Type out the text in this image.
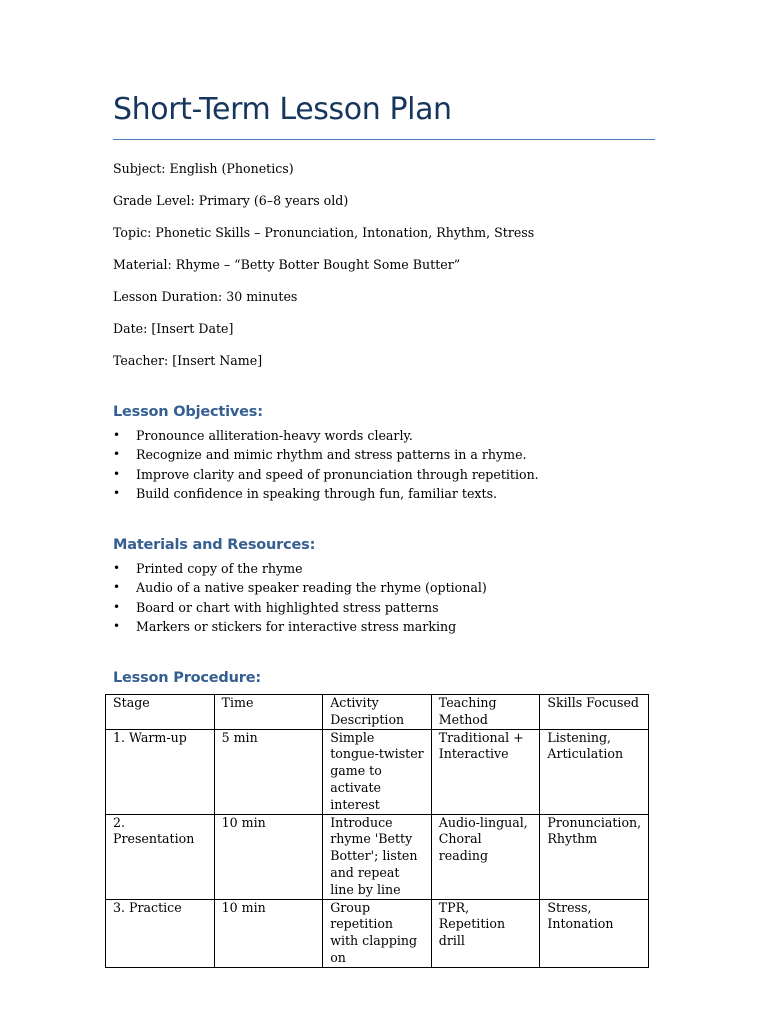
Short-Term Lesson Plan
Subject: English (Phonetics)
Grade Level: Primary (6–8 years old)
Topic: Phonetic Skills – Pronunciation, Intonation, Rhythm, Stress
Material: Rhyme – “Betty Botter Bought Some Butter”
Lesson Duration: 30 minutes
Date: [Insert Date]
Teacher: [Insert Name]
Lesson Objectives:
• Pronounce alliteration-heavy words clearly.
• Recognize and mimic rhythm and stress patterns in a rhyme.
• Improve clarity and speed of pronunciation through repetition.
• Build confidence in speaking through fun, familiar texts.
Materials and Resources:
• Printed copy of the rhyme
• Audio of a native speaker reading the rhyme (optional)
• Board or chart with highlighted stress patterns
• Markers or stickers for interactive stress marking
Lesson Procedure:
Stage	Time	Activity Description	Teaching Method	Skills Focused
1. Warm-up	5 min	Simple tongue-twister game to activate interest	Traditional + Interactive	Listening, Articulation
2. Presentation	10 min	Introduce rhyme 'Betty Botter'; listen and repeat line by line	Audio-lingual, Choral reading	Pronunciation, Rhythm
3. Practice	10 min	Group repetition with clapping on	TPR, Repetition drill	Stress, Intonation
